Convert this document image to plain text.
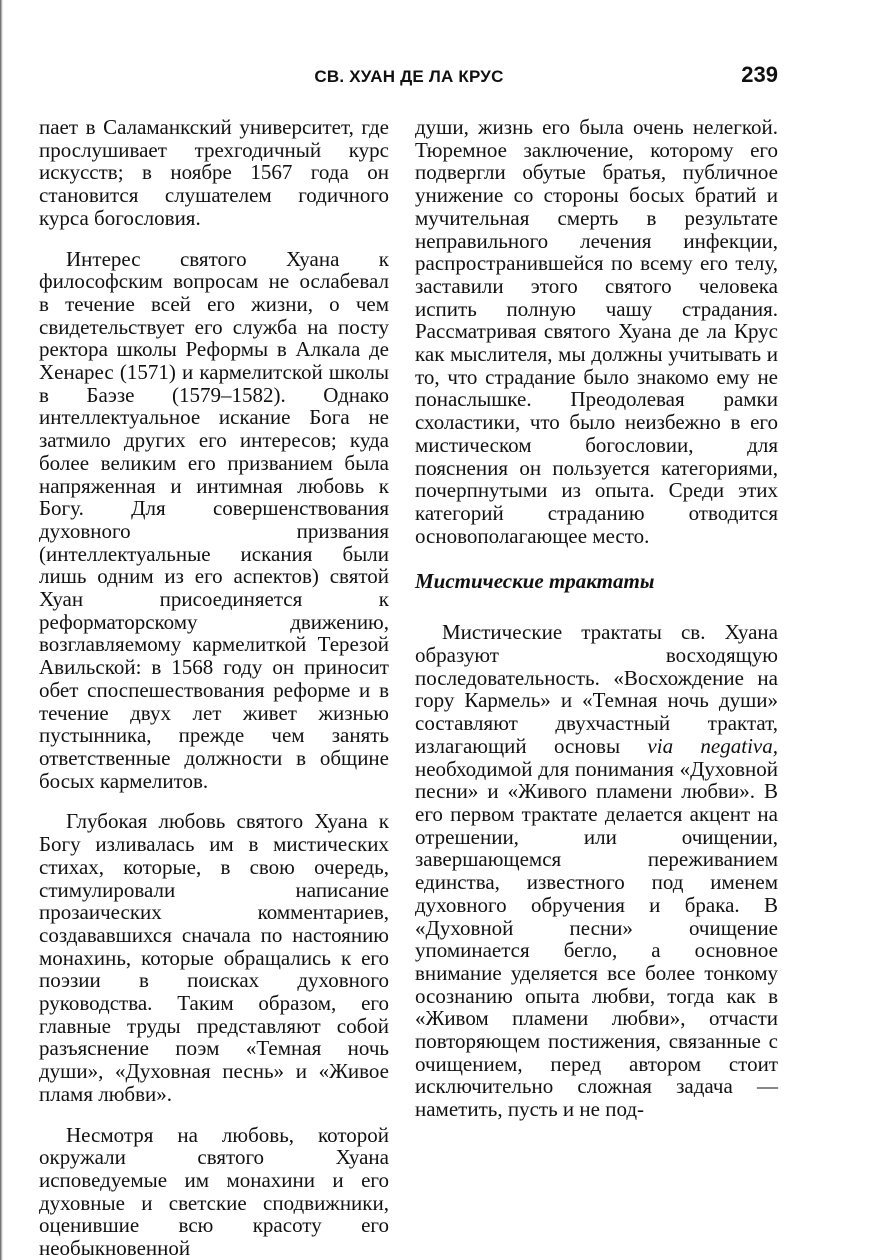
СВ. ХУАН ДЕ ЛА КРУС	239

пает в Саламанкский университет, где прослушивает трехгодичный курс искусств; в ноябре 1567 года он становится слушателем годичного курса богословия.

Интерес святого Хуана к философским вопросам не ослабевал в течение всей его жизни, о чем свидетельствует его служба на посту ректора школы Реформы в Алкала де Хенарес (1571) и кармелитской школы в Баэзе (1579–1582). Однако интеллектуальное искание Бога не затмило других его интересов; куда более великим его призванием была напряженная и интимная любовь к Богу. Для совершенствования духовного призвания (интеллектуальные искания были лишь одним из его аспектов) святой Хуан присоединяется к реформаторскому движению, возглавляемому кармелиткой Терезой Авильской: в 1568 году он приносит обет споспешествования реформе и в течение двух лет живет жизнью пустынника, прежде чем занять ответственные должности в общине босых кармелитов.

Глубокая любовь святого Хуана к Богу изливалась им в мистических стихах, которые, в свою очередь, стимулировали написание прозаических комментариев, создававшихся сначала по настоянию монахинь, которые обращались к его поэзии в поисках духовного руководства. Таким образом, его главные труды представляют собой разъяснение поэм «Темная ночь души», «Духовная песнь» и «Живое пламя любви».

Несмотря на любовь, которой окружали святого Хуана исповедуемые им монахини и его духовные и светские сподвижники, оценившие всю красоту его необыкновенной

души, жизнь его была очень нелегкой. Тюремное заключение, которому его подвергли обутые братья, публичное унижение со стороны босых братий и мучительная смерть в результате неправильного лечения инфекции, распространившейся по всему его телу, заставили этого святого человека испить полную чашу страдания. Рассматривая святого Хуана де ла Крус как мыслителя, мы должны учитывать и то, что страдание было знакомо ему не понаслышке. Преодолевая рамки схоластики, что было неизбежно в его мистическом богословии, для пояснения он пользуется категориями, почерпнутыми из опыта. Среди этих категорий страданию отводится основополагающее место.

Мистические трактаты

Мистические трактаты св. Хуана образуют восходящую последовательность. «Восхождение на гору Кармель» и «Темная ночь души» составляют двухчастный трактат, излагающий основы via negativa, необходимой для понимания «Духовной песни» и «Живого пламени любви». В его первом трактате делается акцент на отрешении, или очищении, завершающемся переживанием единства, известного под именем духовного обручения и брака. В «Духовной песни» очищение упоминается бегло, а основное внимание уделяется все более тонкому осознанию опыта любви, тогда как в «Живом пламени любви», отчасти повторяющем постижения, связанные с очищением, перед автором стоит исключительно сложная задача — наметить, пусть и не под-
